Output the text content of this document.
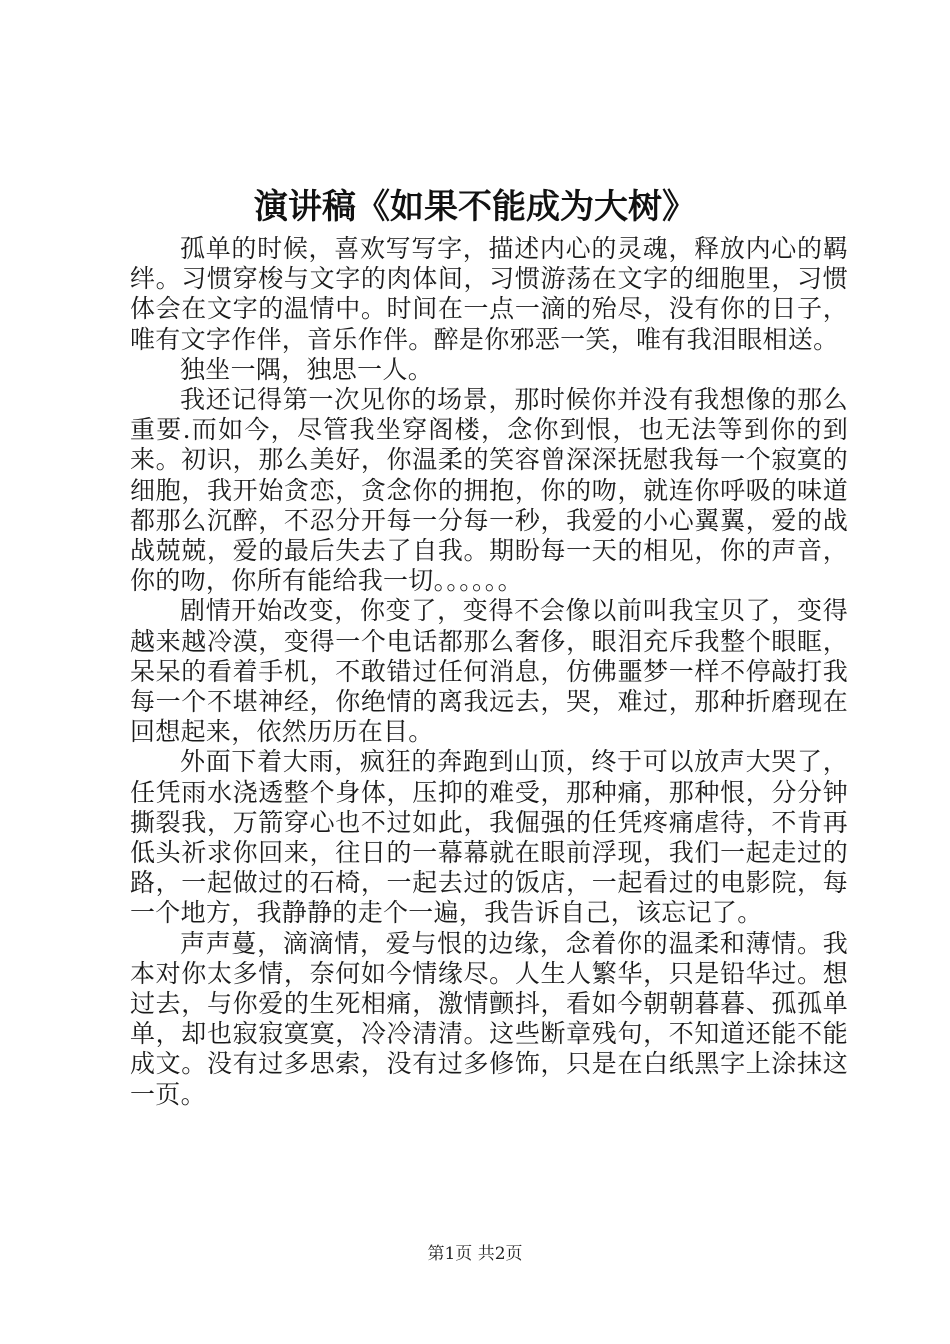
演讲稿《如果不能成为大树》

孤单的时候，喜欢写写字，描述内心的灵魂，释放内心的羁绊。习惯穿梭与文字的肉体间，习惯游荡在文字的细胞里，习惯体会在文字的温情中。时间在一点一滴的殆尽，没有你的日子，唯有文字作伴，音乐作伴。醉是你邪恶一笑，唯有我泪眼相送。

独坐一隅，独思一人。

我还记得第一次见你的场景，那时候你并没有我想像的那么重要.而如今，尽管我坐穿阁楼，念你到恨，也无法等到你的到来。初识，那么美好，你温柔的笑容曾深深抚慰我每一个寂寞的细胞，我开始贪恋，贪念你的拥抱，你的吻，就连你呼吸的味道都那么沉醉，不忍分开每一分每一秒，我爱的小心翼翼，爱的战战兢兢，爱的最后失去了自我。期盼每一天的相见，你的声音，你的吻，你所有能给我一切。。。。。。

剧情开始改变，你变了，变得不会像以前叫我宝贝了，变得越来越冷漠，变得一个电话都那么奢侈，眼泪充斥我整个眼眶，呆呆的看着手机，不敢错过任何消息，仿佛噩梦一样不停敲打我每一个不堪神经，你绝情的离我远去，哭，难过，那种折磨现在回想起来，依然历历在目。

外面下着大雨，疯狂的奔跑到山顶，终于可以放声大哭了，任凭雨水浇透整个身体，压抑的难受，那种痛，那种恨，分分钟撕裂我，万箭穿心也不过如此，我倔强的任凭疼痛虐待，不肯再低头祈求你回来，往日的一幕幕就在眼前浮现，我们一起走过的路，一起做过的石椅，一起去过的饭店，一起看过的电影院，每一个地方，我静静的走个一遍，我告诉自己，该忘记了。

声声蔓，滴滴情，爱与恨的边缘，念着你的温柔和薄情。我本对你太多情，奈何如今情缘尽。人生人繁华，只是铅华过。想过去，与你爱的生死相痛，激情颤抖，看如今朝朝暮暮、孤孤单单，却也寂寂寞寞，冷冷清清。这些断章残句，不知道还能不能成文。没有过多思索，没有过多修饰，只是在白纸黑字上涂抹这一页。

第1页 共2页
